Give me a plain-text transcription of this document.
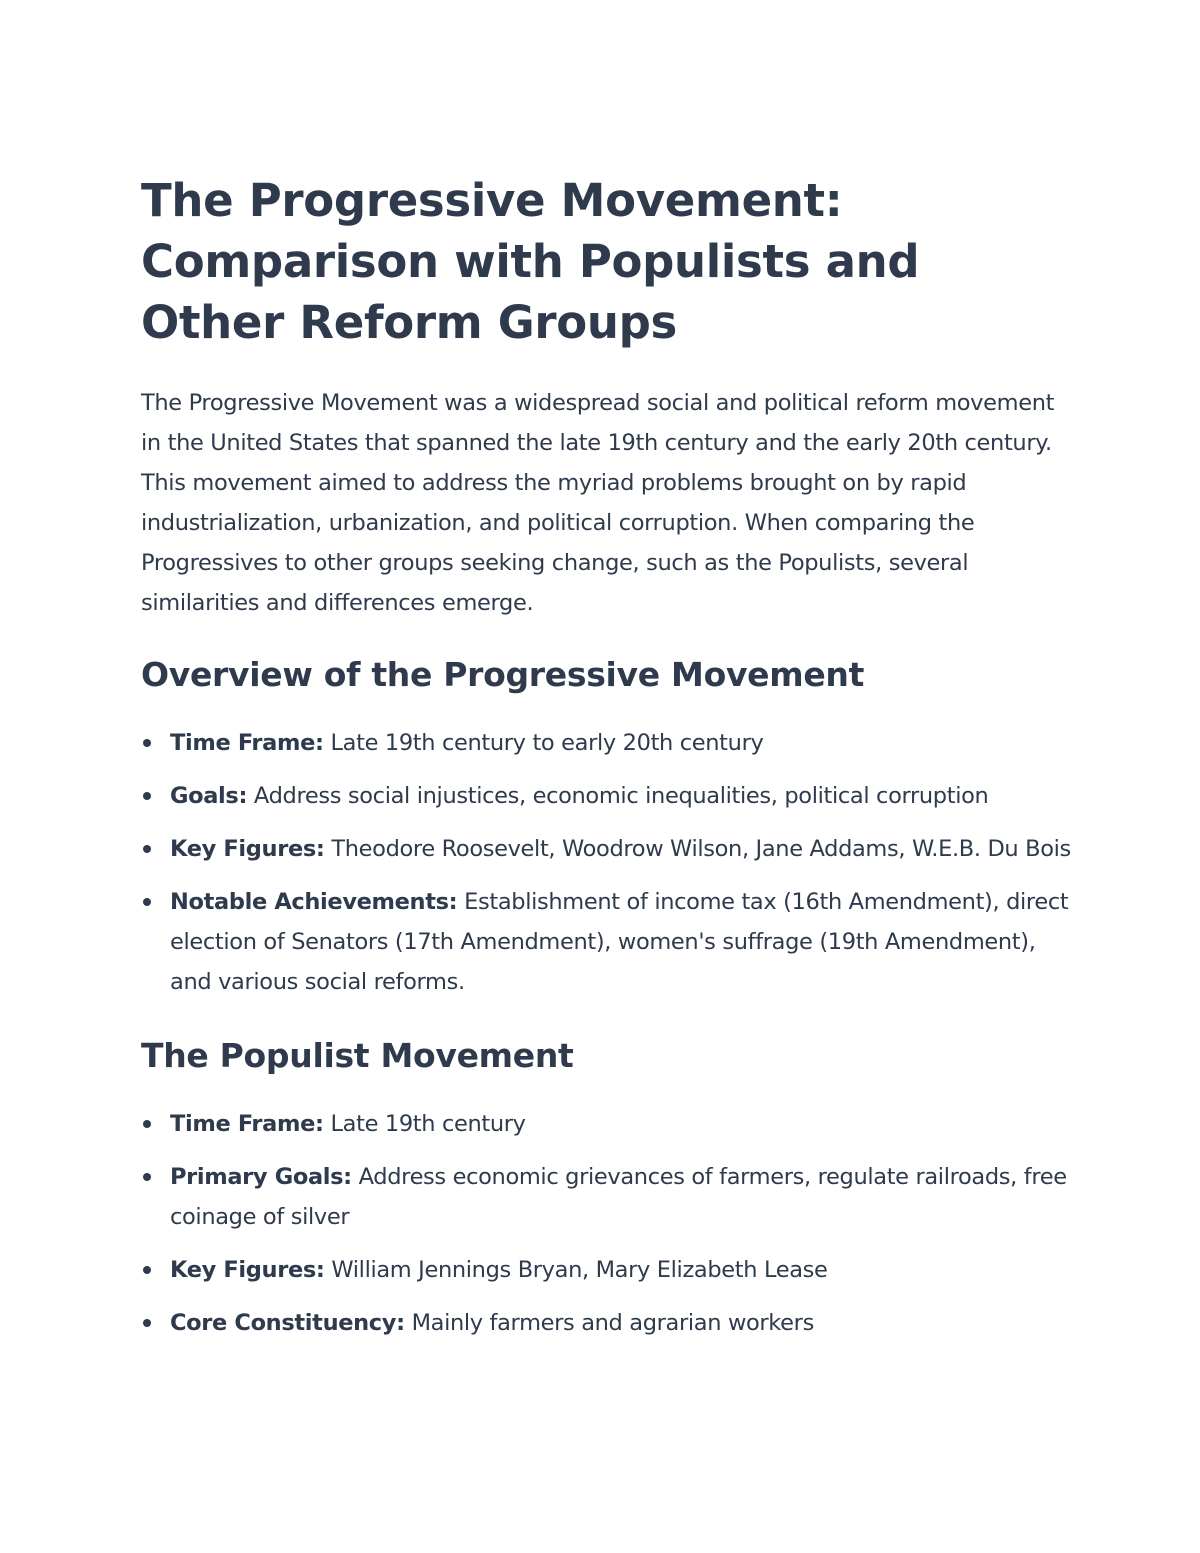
The Progressive Movement: Comparison with Populists and Other Reform Groups

The Progressive Movement was a widespread social and political reform movement in the United States that spanned the late 19th century and the early 20th century. This movement aimed to address the myriad problems brought on by rapid industrialization, urbanization, and political corruption. When comparing the Progressives to other groups seeking change, such as the Populists, several similarities and differences emerge.

Overview of the Progressive Movement
Time Frame: Late 19th century to early 20th century
Goals: Address social injustices, economic inequalities, political corruption
Key Figures: Theodore Roosevelt, Woodrow Wilson, Jane Addams, W.E.B. Du Bois
Notable Achievements: Establishment of income tax (16th Amendment), direct election of Senators (17th Amendment), women's suffrage (19th Amendment), and various social reforms.
The Populist Movement
Time Frame: Late 19th century
Primary Goals: Address economic grievances of farmers, regulate railroads, free coinage of silver
Key Figures: William Jennings Bryan, Mary Elizabeth Lease
Core Constituency: Mainly farmers and agrarian workers
